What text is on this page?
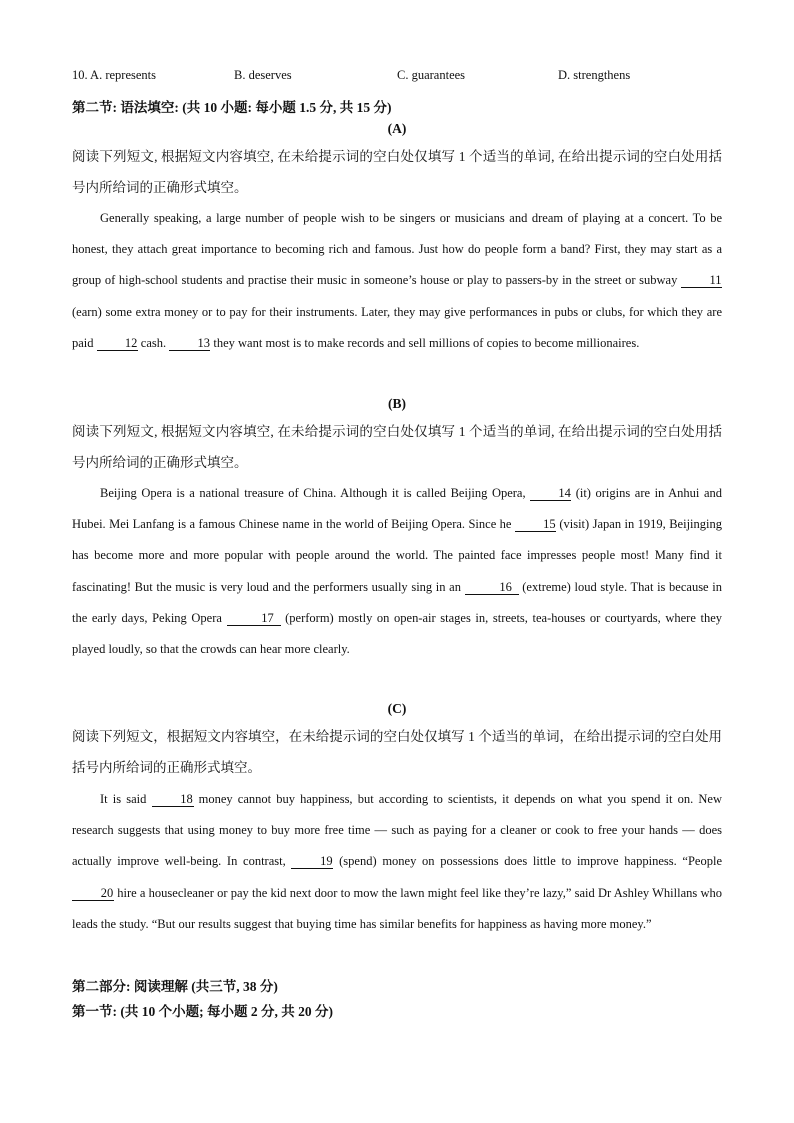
10. A. represents	B. deserves	C. guarantees	D. strengthens
第二节: 语法填空: (共 10 小题: 每小题 1.5 分, 共 15 分)
(A)
阅读下列短文, 根据短文内容填空, 在未给提示词的空白处仅填写 1 个适当的单词, 在给出提示词的空白处用括号内所给词的正确形式填空。
Generally speaking, a large number of people wish to be singers or musicians and dream of playing at a concert. To be honest, they attach great importance to becoming rich and famous. Just how do people form a band? First, they may start as a group of high-school students and practise their music in someone’s house or play to passers-by in the street or subway 11 (earn) some extra money or to pay for their instruments. Later, they may give performances in pubs or clubs, for which they are paid 12 cash. 13 they want most is to make records and sell millions of copies to become millionaires.
(B)
阅读下列短文, 根据短文内容填空, 在未给提示词的空白处仅填写 1 个适当的单词, 在给出提示词的空白处用括号内所给词的正确形式填空。
Beijing Opera is a national treasure of China. Although it is called Beijing Opera, 14 (it) origins are in Anhui and Hubei. Mei Lanfang is a famous Chinese name in the world of Beijing Opera. Since he 15 (visit) Japan in 1919, Beijinging has become more and more popular with people around the world. The painted face impresses people most! Many find it fascinating! But the music is very loud and the performers usually sing in an	16 (extreme) loud style. That is because in the early days, Peking Opera	17 (perform) mostly on open-air stages in, streets, tea-houses or courtyards, where they played loudly, so that the crowds can hear more clearly.
(C)
阅读下列短文，根据短文内容填空，在未给提示词的空白处仅填写 1 个适当的单词，在给出提示词的空白处用括号内所给词的正确形式填空。
It is said 18 money cannot buy happiness, but according to scientists, it depends on what you spend it on. New research suggests that using money to buy more free time — such as paying for a cleaner or cook to free your hands — does actually improve well-being. In contrast, 19 (spend) money on possessions does little to improve happiness. “People 20 hire a housecleaner or pay the kid next door to mow the lawn might feel like they’re lazy,” said Dr Ashley Whillans who leads the study. “But our results suggest that buying time has similar benefits for happiness as having more money.”
第二部分: 阅读理解 (共三节, 38 分)
第一节: (共 10 个小题; 每小题 2 分, 共 20 分)
